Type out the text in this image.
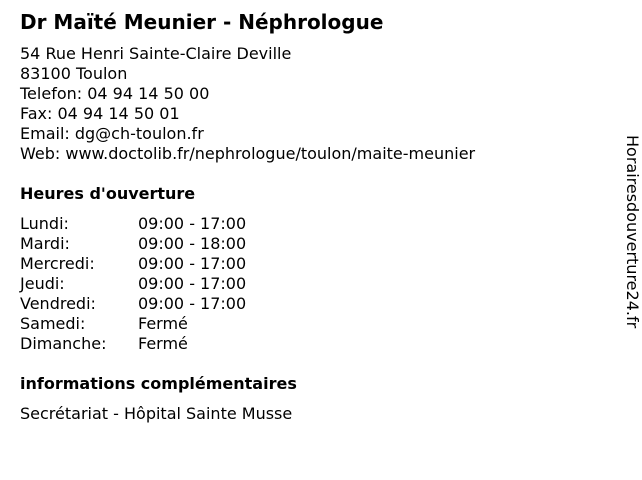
Dr Maïté Meunier - Néphrologue
54 Rue Henri Sainte-Claire Deville
83100 Toulon
Telefon: 04 94 14 50 00
Fax: 04 94 14 50 01
Email: dg@ch-toulon.fr
Web: www.doctolib.fr/nephrologue/toulon/maite-meunier
Heures d'ouverture
Lundi:	09:00 - 17:00
Mardi:	09:00 - 18:00
Mercredi:	09:00 - 17:00
Jeudi:	09:00 - 17:00
Vendredi:	09:00 - 17:00
Samedi:	Fermé
Dimanche: Fermé
informations complémentaires
Secrétariat - Hôpital Sainte Musse
Horairesdouverture24.fr
